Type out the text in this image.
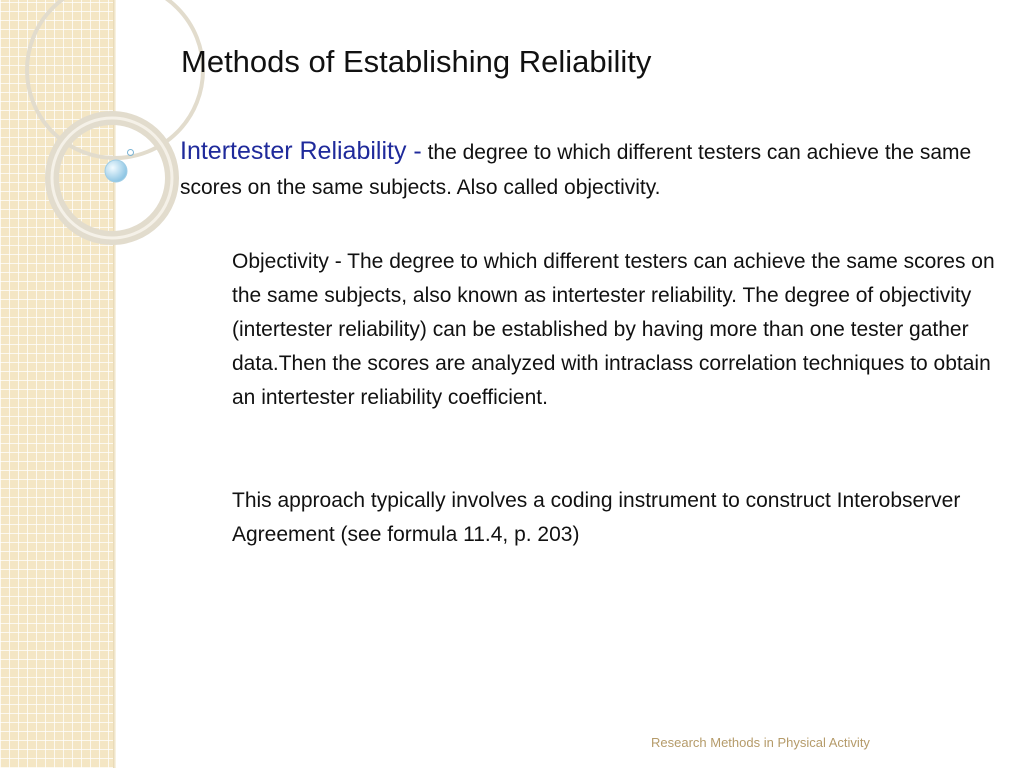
Methods of Establishing Reliability

Intertester Reliability - the degree to which different testers can achieve the same scores on the same subjects. Also called objectivity.

Objectivity - The degree to which different testers can achieve the same scores on the same subjects, also known as intertester reliability. The degree of objectivity (intertester reliability) can be established by having more than one tester gather data.Then the scores are analyzed with intraclass correlation techniques to obtain an intertester reliability coefficient.

This approach typically involves a coding instrument to construct Interobserver Agreement (see formula 11.4, p. 203)

Research Methods in Physical Activity
